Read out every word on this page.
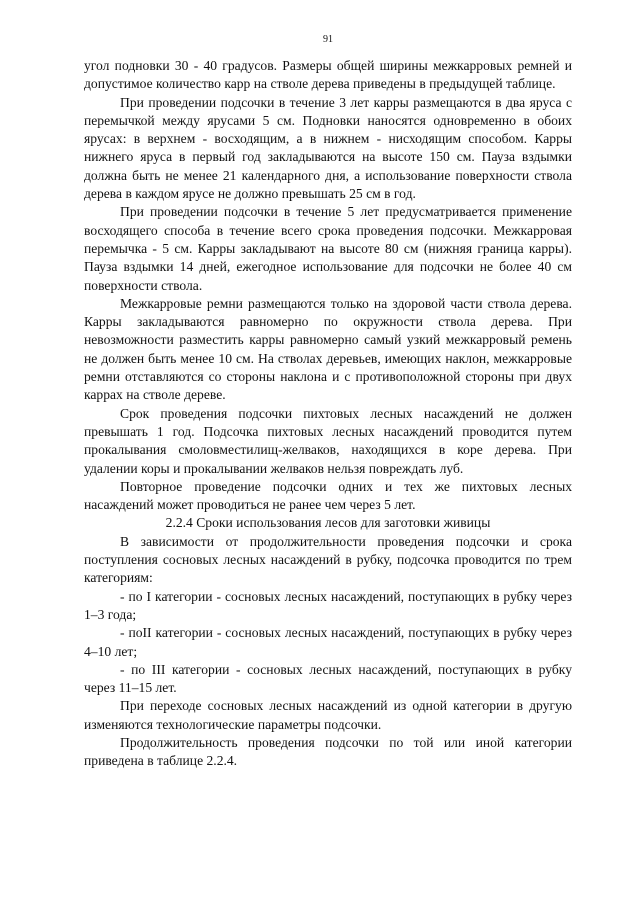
91

угол подновки 30 - 40 градусов. Размеры общей ширины межкарровых ремней и допустимое количество карр на стволе дерева приведены в предыдущей таблице.

При проведении подсочки в течение 3 лет карры размещаются в два яруса с перемычкой между ярусами 5 см. Подновки наносятся одновременно в обоих ярусах: в верхнем - восходящим, а в нижнем - нисходящим способом. Карры нижнего яруса в первый год закладываются на высоте 150 см. Пауза вздымки должна быть не менее 21 календарного дня, а использование поверхности ствола дерева в каждом ярусе не должно превышать 25 см в год.

При проведении подсочки в течение 5 лет предусматривается применение восходящего способа в течение всего срока проведения подсочки. Межкарровая перемычка - 5 см. Карры закладывают на высоте 80 см (нижняя граница карры). Пауза вздымки 14 дней, ежегодное использование для подсочки не более 40 см поверхности ствола.

Межкарровые ремни размещаются только на здоровой части ствола дерева. Карры закладываются равномерно по окружности ствола дерева. При невозможности разместить карры равномерно самый узкий межкарровый ремень не должен быть менее 10 см. На стволах деревьев, имеющих наклон, межкарровые ремни отставляются со стороны наклона и с противоположной стороны при двух каррах на стволе дереве.

Срок проведения подсочки пихтовых лесных насаждений не должен превышать 1 год. Подсочка пихтовых лесных насаждений проводится путем прокалывания смоловместилищ-желваков, находящихся в коре дерева. При удалении коры и прокалывании желваков нельзя повреждать луб.

Повторное проведение подсочки одних и тех же пихтовых лесных насаждений может проводиться не ранее чем через 5 лет.

2.2.4 Сроки использования лесов для заготовки живицы

В зависимости от продолжительности проведения подсочки и срока поступления сосновых лесных насаждений в рубку, подсочка проводится по трем категориям:

- по I категории - сосновых лесных насаждений, поступающих в рубку через 1–3 года;

- поII категории - сосновых лесных насаждений, поступающих в рубку через 4–10 лет;

- по III категории - сосновых лесных насаждений, поступающих в рубку через 11–15 лет.

При переходе сосновых лесных насаждений из одной категории в другую изменяются технологические параметры подсочки.

Продолжительность проведения подсочки по той или иной категории приведена в таблице 2.2.4.
